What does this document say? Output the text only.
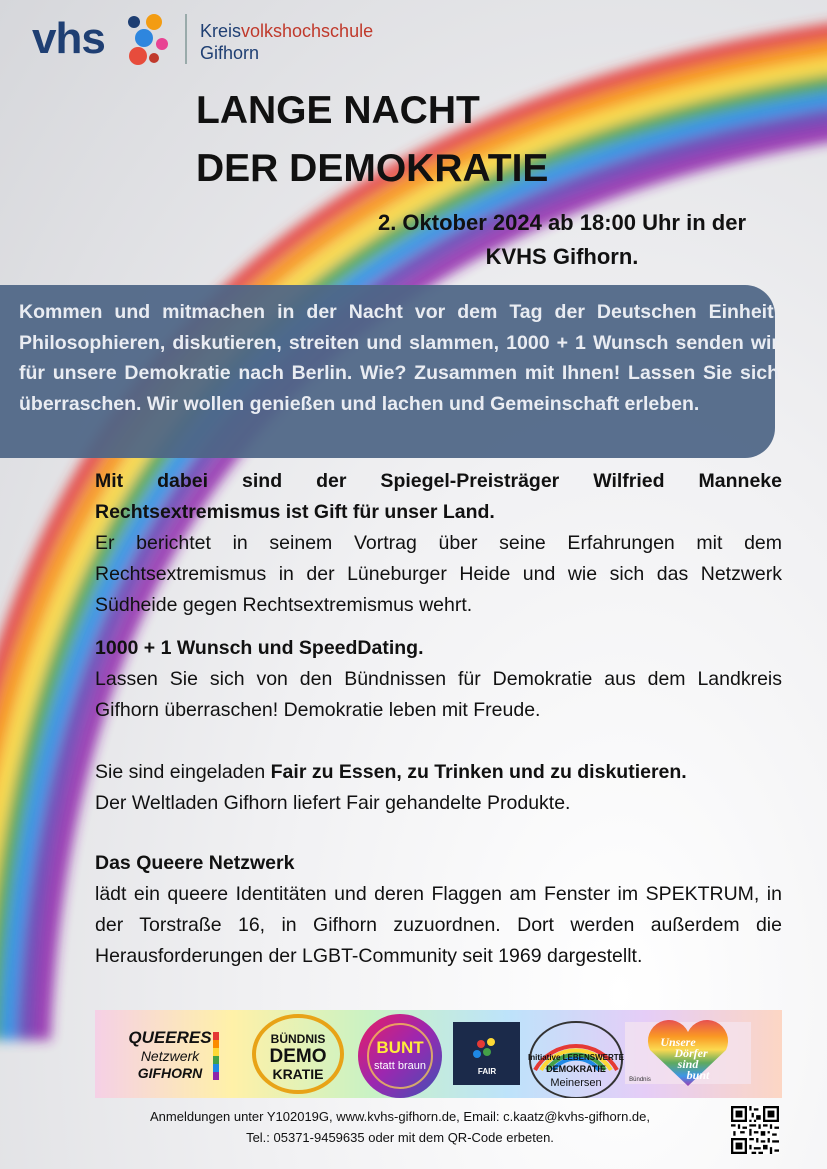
vhs	Kreisvolkshochschule
Gifhorn
LANGE NACHT
DER DEMOKRATIE
2. Oktober 2024 ab 18:00 Uhr in der
KVHS Gifhorn.
Kommen und mitmachen in der Nacht vor dem Tag der Deutschen Einheit. Philosophieren, diskutieren, streiten und slammen, 1000 + 1 Wunsch senden wir für unsere Demokratie nach Berlin. Wie? Zusammen mit Ihnen! Lassen Sie sich überraschen. Wir wollen genießen und lachen und Gemeinschaft erleben.

Mit dabei sind der Spiegel-Preisträger Wilfried Manneke Rechtsextremismus ist Gift für unser Land.

Er berichtet in seinem Vortrag über seine Erfahrungen mit dem Rechtsextremismus in der Lüneburger Heide und wie sich das Netzwerk Südheide gegen Rechtsextremismus wehrt.

1000 + 1 Wunsch und SpeedDating.

Lassen Sie sich von den Bündnissen für Demokratie aus dem Landkreis Gifhorn überraschen! Demokratie leben mit Freude.

Sie sind eingeladen Fair zu Essen, zu Trinken und zu diskutieren.

Der Weltladen Gifhorn liefert Fair gehandelte Produkte.

Das Queere Netzwerk

lädt ein queere Identitäten und deren Flaggen am Fenster im SPEKTRUM, in der Torstraße 16, in Gifhorn zuzuordnen. Dort werden außerdem die Herausforderungen der LGBT-Community seit 1969 dargestellt.

QUEERES
Netzwerk
GIFHORN
BÜNDNIS
DEMO
KRATIE
BUNT
statt braun	FAIR
Initiative LEBENSWERTE
DEMOKRATIE
Meinersen
Unsere
Dörfer
sind
bunt
Bündnis
Anmeldungen unter Y102019G, www.kvhs-gifhorn.de, Email: c.kaatz@kvhs-gifhorn.de,
Tel.: 05371-9459635 oder mit dem QR-Code erbeten.
